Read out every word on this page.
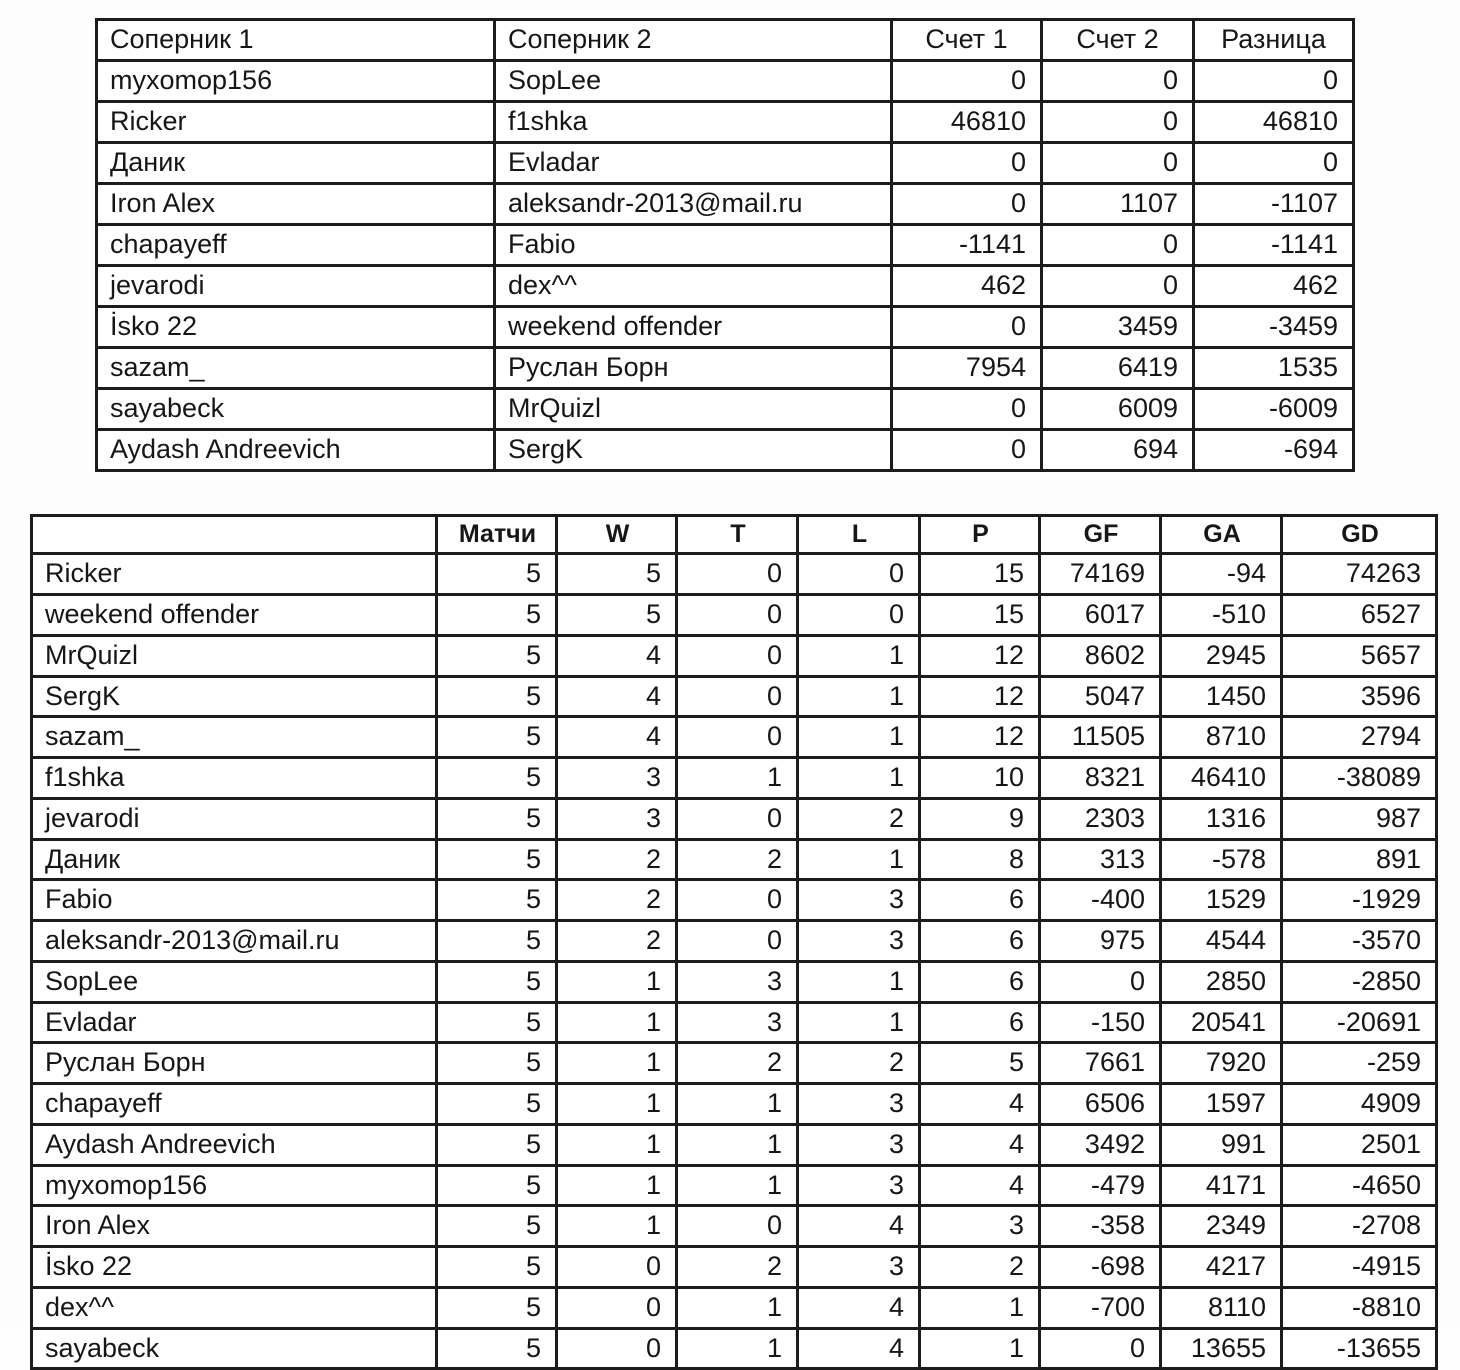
Соперник 1	Соперник 2	Счет 1	Счет 2	Разница
myxomop156	SopLee	0	0	0
Ricker	f1shka	46810	0	46810
Даник	Evladar	0	0	0
Iron Alex	aleksandr-2013@mail.ru	0	1107	-1107
chapayeff	Fabio	-1141	0	-1141
jevarodi	dex^^	462	0	462
İsko 22	weekend offender	0	3459	-3459
sazam_	Руслан Борн	7954	6419	1535
sayabeck	MrQuizl	0	6009	-6009
Aydash Andreevich	SergK	0	694	-694
	Матчи	W	T	L	P	GF	GA	GD
Ricker	5	5	0	0	15	74169	-94	74263
weekend offender	5	5	0	0	15	6017	-510	6527
MrQuizl	5	4	0	1	12	8602	2945	5657
SergK	5	4	0	1	12	5047	1450	3596
sazam_	5	4	0	1	12	11505	8710	2794
f1shka	5	3	1	1	10	8321	46410	-38089
jevarodi	5	3	0	2	9	2303	1316	987
Даник	5	2	2	1	8	313	-578	891
Fabio	5	2	0	3	6	-400	1529	-1929
aleksandr-2013@mail.ru	5	2	0	3	6	975	4544	-3570
SopLee	5	1	3	1	6	0	2850	-2850
Evladar	5	1	3	1	6	-150	20541	-20691
Руслан Борн	5	1	2	2	5	7661	7920	-259
chapayeff	5	1	1	3	4	6506	1597	4909
Aydash Andreevich	5	1	1	3	4	3492	991	2501
myxomop156	5	1	1	3	4	-479	4171	-4650
Iron Alex	5	1	0	4	3	-358	2349	-2708
İsko 22	5	0	2	3	2	-698	4217	-4915
dex^^	5	0	1	4	1	-700	8110	-8810
sayabeck	5	0	1	4	1	0	13655	-13655
